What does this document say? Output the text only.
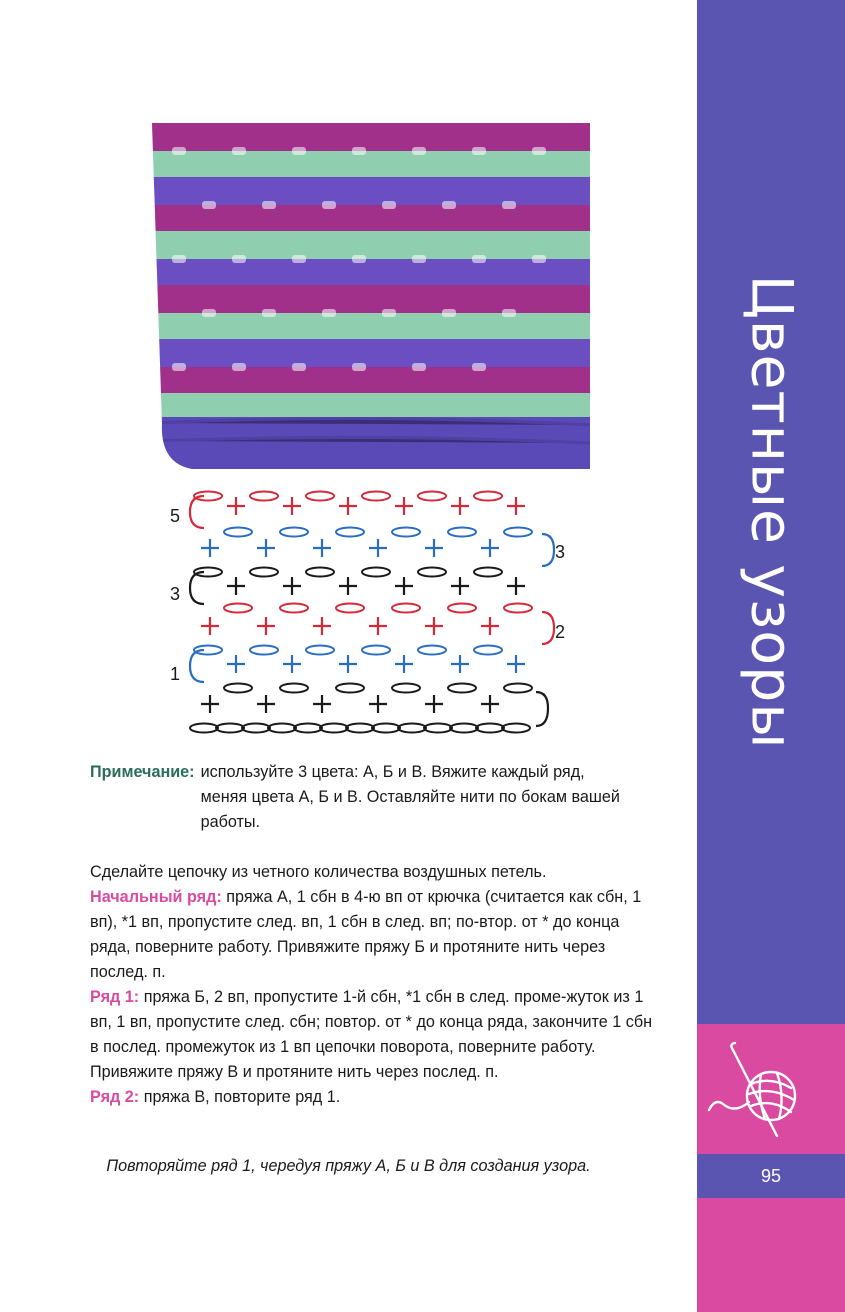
Цветные узоры
95
5
3
3
2
1
Примечание: используйте 3 цвета: А, Б и В. Вяжите каждый ряд, меняя цвета А, Б и В. Оставляйте нити по бокам вашей работы.
Сделайте цепочку из четного количества воздушных петель.
Начальный ряд: пряжа А, 1 сбн в 4-ю вп от крючка (считается как сбн, 1 вп), *1 вп, пропустите след. вп, 1 сбн в след. вп; по-втор. от * до конца ряда, поверните работу. Привяжите пряжу Б и протяните нить через послед. п.
Ряд 1: пряжа Б, 2 вп, пропустите 1-й сбн, *1 сбн в след. проме-жуток из 1 вп, 1 вп, пропустите след. сбн; повтор. от * до конца ряда, закончите 1 сбн в послед. промежуток из 1 вп цепочки поворота, поверните работу. Привяжите пряжу В и протяните нить через послед. п.
Ряд 2: пряжа В, повторите ряд 1.
Повторяйте ряд 1, чередуя пряжу А, Б и В для создания узора.
